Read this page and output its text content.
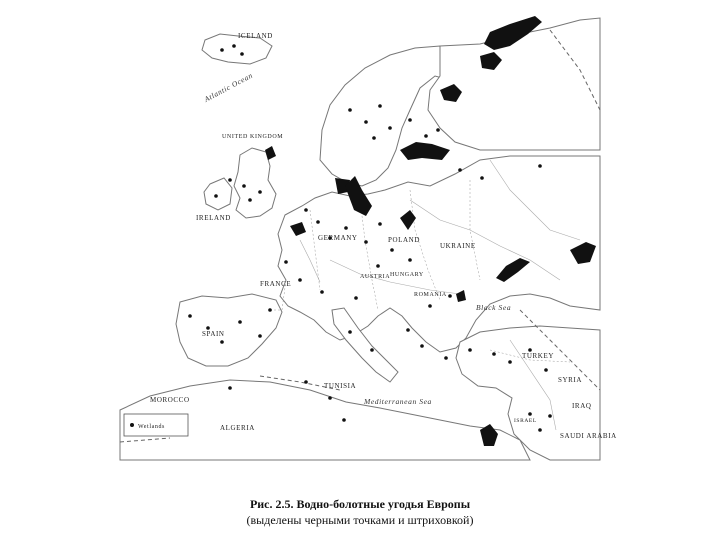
ICELAND
Atlantic Ocean
UNITED KINGDOM
IRELAND
FRANCE
SPAIN
GERMANY	POLAND
UKRAINE
AUSTRIA HUNGARY
ROMANIA
Black Sea
TURKEY
SYRIA
IRAQ
SAUDI ARABIA
MOROCCO
ALGERIA
TUNISIA
Mediterranean Sea
ISRAEL
Wetlands
Рис. 2.5. Водно-болотные угодья Европы
(выделены черными точками и штриховкой)
